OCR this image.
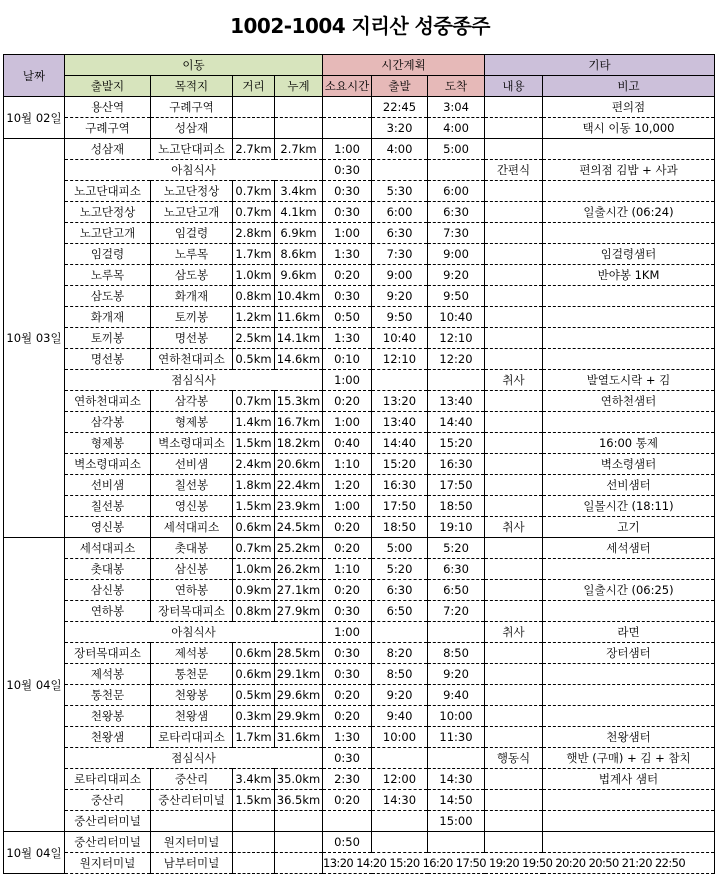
1002-1004 지리산 성중종주
날짜	이동				시간계획			기타	
	출발지	목적지	거리	누계	소요시간	출발	도착	내용	비고
10월 02일	용산역	구례구역				22:45	3:04		편의점
	구례구역	성삼재				3:20	4:00		택시 이동 10,000
10월 03일	성삼재	노고단대피소	2.7km	2.7km	1:00	4:00	5:00		
	아침식사				0:30			간편식	편의점 김밥 + 사과
	노고단대피소	노고단정상	0.7km	3.4km	0:30	5:30	6:00		
	노고단정상	노고단고개	0.7km	4.1km	0:30	6:00	6:30		일출시간 (06:24)
	노고단고개	임걸령	2.8km	6.9km	1:00	6:30	7:30		
	임걸령	노루목	1.7km	8.6km	1:30	7:30	9:00		임걸령샘터
	노루목	삼도봉	1.0km	9.6km	0:20	9:00	9:20		반야봉 1KM
	삼도봉	화개재	0.8km	10.4km	0:30	9:20	9:50		
	화개재	토끼봉	1.2km	11.6km	0:50	9:50	10:40		
	토끼봉	명선봉	2.5km	14.1km	1:30	10:40	12:10		
	명선봉	연하천대피소	0.5km	14.6km	0:10	12:10	12:20		
	점심식사				1:00			취사	발열도시락 + 김
	연하천대피소	삼각봉	0.7km	15.3km	0:20	13:20	13:40		연하천샘터
	삼각봉	형제봉	1.4km	16.7km	1:00	13:40	14:40		
	형제봉	벽소령대피소	1.5km	18.2km	0:40	14:40	15:20		16:00 통제
	벽소령대피소	선비샘	2.4km	20.6km	1:10	15:20	16:30		벽소령샘터
	선비샘	칠선봉	1.8km	22.4km	1:20	16:30	17:50		선비샘터
	칠선봉	영신봉	1.5km	23.9km	1:00	17:50	18:50		일몰시간 (18:11)
	영신봉	세석대피소	0.6km	24.5km	0:20	18:50	19:10	취사	고기
10월 04일	세석대피소	촛대봉	0.7km	25.2km	0:20	5:00	5:20		세석샘터
	촛대봉	삼신봉	1.0km	26.2km	1:10	5:20	6:30		
	삼신봉	연하봉	0.9km	27.1km	0:20	6:30	6:50		일출시간 (06:25)
	연하봉	장터목대피소	0.8km	27.9km	0:30	6:50	7:20		
	아침식사				1:00			취사	라면
	장터목대피소	제석봉	0.6km	28.5km	0:30	8:20	8:50		장터샘터
	제석봉	통천문	0.6km	29.1km	0:30	8:50	9:20		
	통천문	천왕봉	0.5km	29.6km	0:20	9:20	9:40		
	천왕봉	천왕샘	0.3km	29.9km	0:20	9:40	10:00		
	천왕샘	로타리대피소	1.7km	31.6km	1:30	10:00	11:30		천왕샘터
	점심식사				0:30			행동식	햇반 (구매) + 김 + 참치
	로타리대피소	중산리	3.4km	35.0km	2:30	12:00	14:30		법계사 샘터
	중산리	중산리터미널	1.5km	36.5km	0:20	14:30	14:50		
	중산리터미널						15:00		
10월 04일	중산리터미널	원지터미널			0:50				
	원지터미널	남부터미널			13:20 14:20 15:20 16:20 17:50 19:20 19:50 20:20 20:50 21:20 22:50				
